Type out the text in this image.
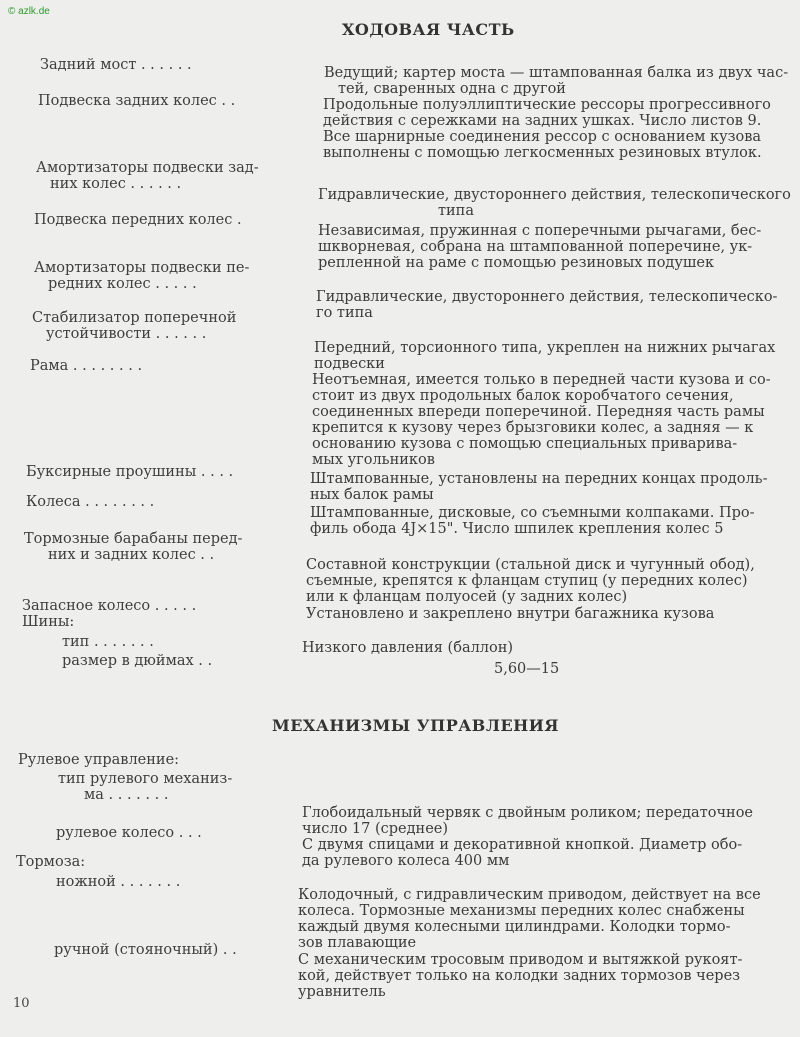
© azlk.de
ХОДОВАЯ ЧАСТЬ
МЕХАНИЗМЫ УПРАВЛЕНИЯ
Задний мост . . . . . .
Подвеска задних колес . .
Амортизаторы подвески зад-
них колес . . . . . .
Подвеска передних колес .
Амортизаторы подвески пе-
редних колес . . . . .
Стабилизатор поперечной
устойчивости . . . . . .
Рама . . . . . . . .
Буксирные проушины . . . .
Колеса . . . . . . . .
Тормозные барабаны перед-
них и задних колес . .
Запасное колесо . . . . .
Шины:
тип . . . . . . .
размер в дюймах . .
Ведущий; картер моста — штампованная балка из двух час-
тей, сваренных одна с другой
Продольные полуэллиптические рессоры прогрессивного
действия с сережками на задних ушках. Число листов 9.
Все шарнирные соединения рессор с основанием кузова
выполнены с помощью легкосменных резиновых втулок.
Гидравлические, двустороннего действия, телескопического
типа
Независимая, пружинная с поперечными рычагами, бес-
шкворневая, собрана на штампованной поперечине, ук-
репленной на раме с помощью резиновых подушек
Гидравлические, двустороннего действия, телескопическо-
го типа
Передний, торсионного типа, укреплен на нижних рычагах
подвески
Неотъемная, имеется только в передней части кузова и со-
стоит из двух продольных балок коробчатого сечения,
соединенных впереди поперечиной. Передняя часть рамы
крепится к кузову через брызговики колес, а задняя — к
основанию кузова с помощью специальных приварива-
мых угольников
Штампованные, установлены на передних концах продоль-
ных балок рамы
Штампованные, дисковые, со съемными колпаками. Про-
филь обода 4J×15". Число шпилек крепления колес 5
Составной конструкции (стальной диск и чугунный обод),
съемные, крепятся к фланцам ступиц (у передних колес)
или к фланцам полуосей (у задних колес)
Установлено и закреплено внутри багажника кузова
Низкого давления (баллон)
5,60—15
Рулевое управление:
тип рулевого механиз-
ма . . . . . . .
рулевое колесо . . .
Тормоза:
ножной . . . . . . .
ручной (стояночный) . .
Глобоидальный червяк с двойным роликом; передаточное
число 17 (среднее)
С двумя спицами и декоративной кнопкой. Диаметр обо-
да рулевого колеса 400 мм
Колодочный, с гидравлическим приводом, действует на все
колеса. Тормозные механизмы передних колес снабжены
каждый двумя колесными цилиндрами. Колодки тормо-
зов плавающие
С механическим тросовым приводом и вытяжкой рукоят-
кой, действует только на колодки задних тормозов через
уравнитель
10
